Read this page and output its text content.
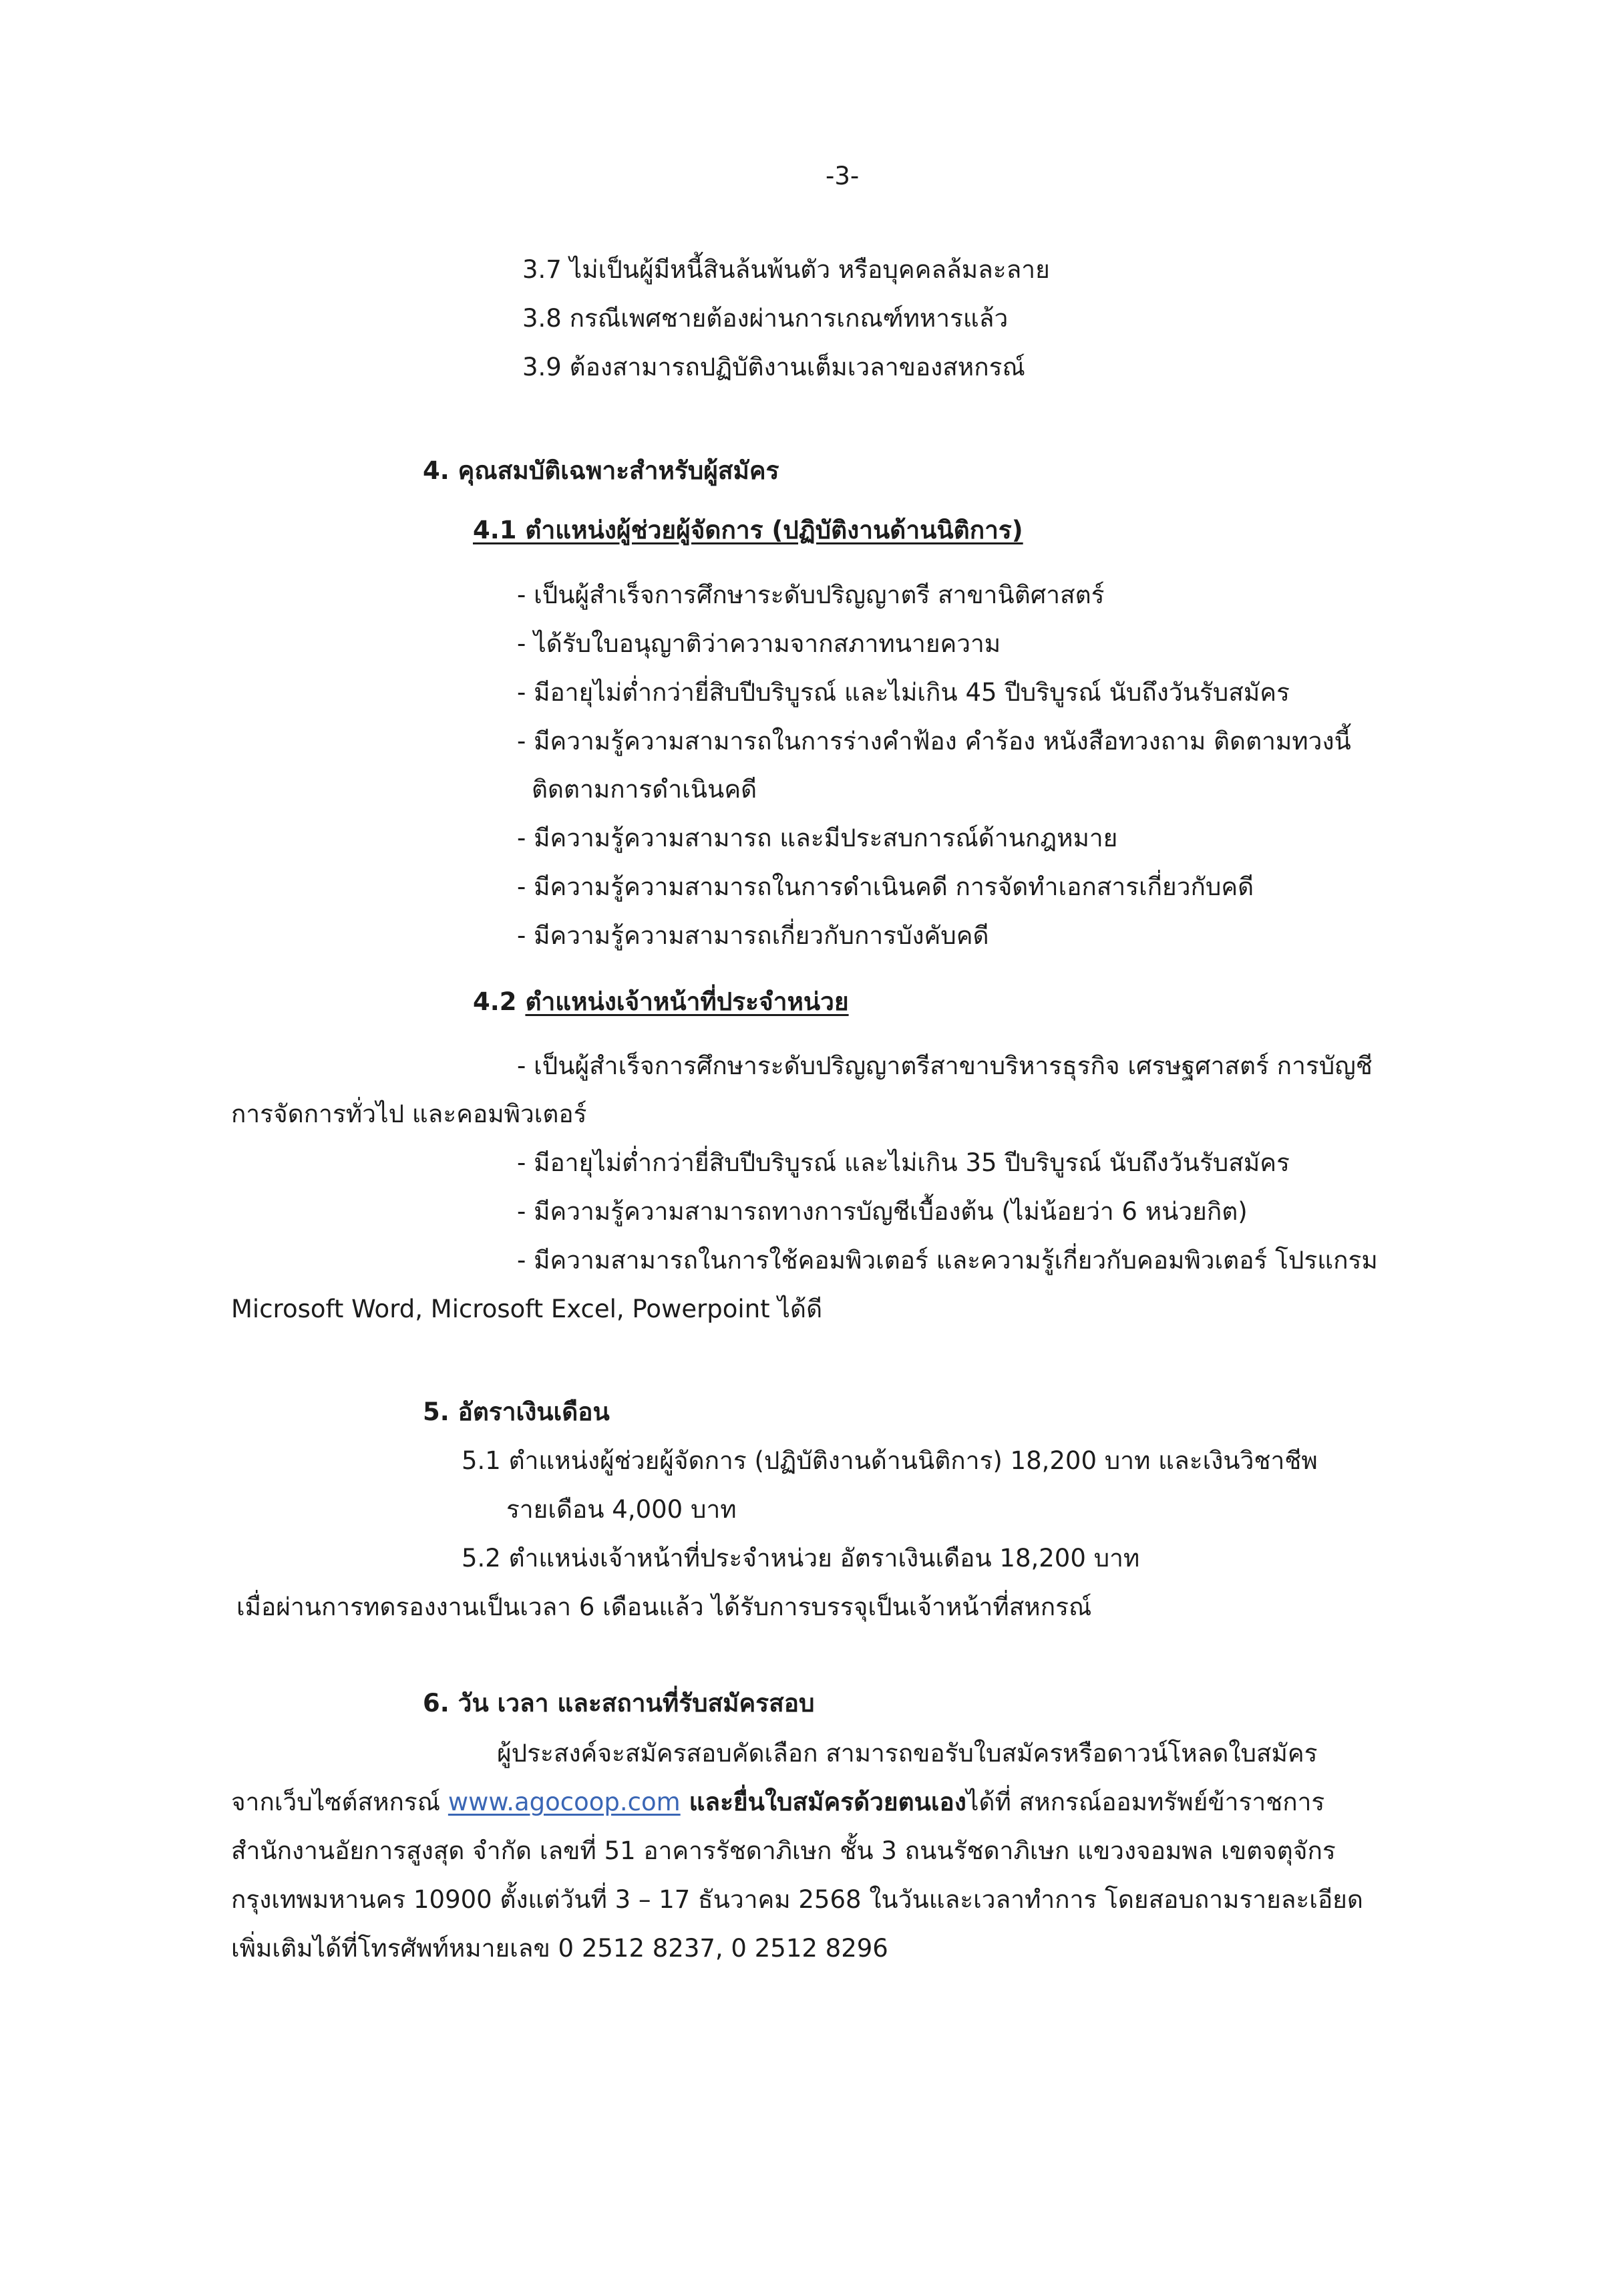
-3-
3.7 ไม่เป็นผู้มีหนี้สินล้นพ้นตัว หรือบุคคลล้มละลาย
3.8 กรณีเพศชายต้องผ่านการเกณฑ์ทหารแล้ว
3.9 ต้องสามารถปฏิบัติงานเต็มเวลาของสหกรณ์
4. คุณสมบัติเฉพาะสำหรับผู้สมัคร
4.1 ตำแหน่งผู้ช่วยผู้จัดการ (ปฏิบัติงานด้านนิติการ)
- เป็นผู้สำเร็จการศึกษาระดับปริญญาตรี สาขานิติศาสตร์
- ได้รับใบอนุญาติว่าความจากสภาทนายความ
- มีอายุไม่ต่ำกว่ายี่สิบปีบริบูรณ์ และไม่เกิน 45 ปีบริบูรณ์ นับถึงวันรับสมัคร
- มีความรู้ความสามารถในการร่างคำฟ้อง คำร้อง หนังสือทวงถาม ติดตามทวงนี้
ติดตามการดำเนินคดี
- มีความรู้ความสามารถ และมีประสบการณ์ด้านกฎหมาย
- มีความรู้ความสามารถในการดำเนินคดี การจัดทำเอกสารเกี่ยวกับคดี
- มีความรู้ความสามารถเกี่ยวกับการบังคับคดี
4.2 ตำแหน่งเจ้าหน้าที่ประจำหน่วย
- เป็นผู้สำเร็จการศึกษาระดับปริญญาตรีสาขาบริหารธุรกิจ เศรษฐศาสตร์ การบัญชี
การจัดการทั่วไป และคอมพิวเตอร์
- มีอายุไม่ต่ำกว่ายี่สิบปีบริบูรณ์ และไม่เกิน 35 ปีบริบูรณ์ นับถึงวันรับสมัคร
- มีความรู้ความสามารถทางการบัญชีเบื้องต้น (ไม่น้อยว่า 6 หน่วยกิต)
- มีความสามารถในการใช้คอมพิวเตอร์ และความรู้เกี่ยวกับคอมพิวเตอร์ โปรแกรม
Microsoft Word, Microsoft Excel, Powerpoint ได้ดี
5. อัตราเงินเดือน
5.1 ตำแหน่งผู้ช่วยผู้จัดการ (ปฏิบัติงานด้านนิติการ) 18,200 บาท และเงินวิชาชีพ
รายเดือน 4,000 บาท
5.2 ตำแหน่งเจ้าหน้าที่ประจำหน่วย อัตราเงินเดือน 18,200 บาท
เมื่อผ่านการทดรองงานเป็นเวลา 6 เดือนแล้ว ได้รับการบรรจุเป็นเจ้าหน้าที่สหกรณ์
6. วัน เวลา และสถานที่รับสมัครสอบ
ผู้ประสงค์จะสมัครสอบคัดเลือก สามารถขอรับใบสมัครหรือดาวน์โหลดใบสมัคร
จากเว็บไซต์สหกรณ์ www.agocoop.com และยื่นใบสมัครด้วยตนเองได้ที่ สหกรณ์ออมทรัพย์ข้าราชการ
สำนักงานอัยการสูงสุด จำกัด เลขที่ 51 อาคารรัชดาภิเษก ชั้น 3 ถนนรัชดาภิเษก แขวงจอมพล เขตจตุจักร
กรุงเทพมหานคร 10900 ตั้งแต่วันที่ 3 – 17 ธันวาคม 2568 ในวันและเวลาทำการ โดยสอบถามรายละเอียด
เพิ่มเติมได้ที่โทรศัพท์หมายเลข 0 2512 8237, 0 2512 8296
